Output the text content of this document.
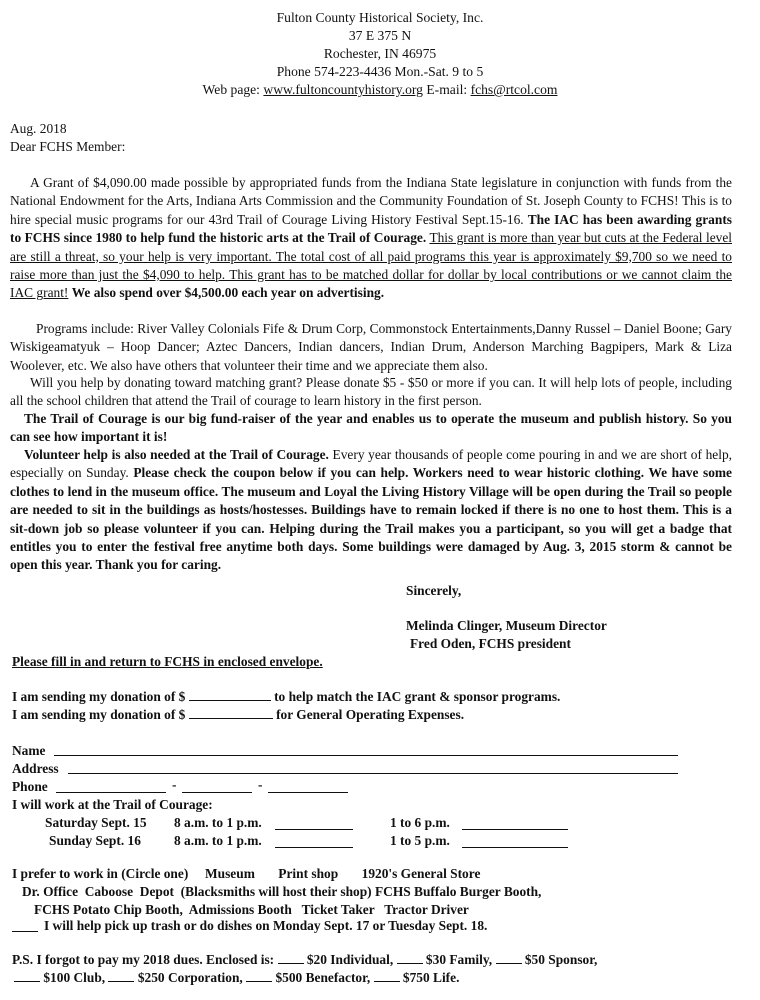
Fulton County Historical Society, Inc.
37 E 375 N
Rochester, IN 46975
Phone 574-223-4436 Mon.-Sat. 9 to 5
Web page: www.fultoncountyhistory.org E-mail: fchs@rtcol.com
Aug. 2018
Dear FCHS Member:
A Grant of $4,090.00 made possible by appropriated funds from the Indiana State legislature in conjunction with funds from the National Endowment for the Arts, Indiana Arts Commission and the Community Foundation of St. Joseph County to FCHS! This is to hire special music programs for our 43rd Trail of Courage Living History Festival Sept.15-16. The IAC has been awarding grants to FCHS since 1980 to help fund the historic arts at the Trail of Courage. This grant is more than year but cuts at the Federal level are still a threat, so your help is very important. The total cost of all paid programs this year is approximately $9,700 so we need to raise more than just the $4,090 to help. This grant has to be matched dollar for dollar by local contributions or we cannot claim the IAC grant! We also spend over $4,500.00 each year on advertising.
Programs include: River Valley Colonials Fife & Drum Corp, Commonstock Entertainments,Danny Russel – Daniel Boone; Gary Wiskigeamatyuk – Hoop Dancer; Aztec Dancers, Indian dancers, Indian Drum, Anderson Marching Bagpipers, Mark & Liza Woolever, etc. We also have others that volunteer their time and we appreciate them also.
Will you help by donating toward matching grant? Please donate $5 - $50 or more if you can. It will help lots of people, including all the school children that attend the Trail of courage to learn history in the first person.
The Trail of Courage is our big fund-raiser of the year and enables us to operate the museum and publish history. So you can see how important it is!
Volunteer help is also needed at the Trail of Courage. Every year thousands of people come pouring in and we are short of help, especially on Sunday. Please check the coupon below if you can help. Workers need to wear historic clothing. We have some clothes to lend in the museum office. The museum and Loyal the Living History Village will be open during the Trail so people are needed to sit in the buildings as hosts/hostesses. Buildings have to remain locked if there is no one to host them. This is a sit-down job so please volunteer if you can. Helping during the Trail makes you a participant, so you will get a badge that entitles you to enter the festival free anytime both days. Some buildings were damaged by Aug. 3, 2015 storm & cannot be open this year. Thank you for caring.
Sincerely,
Melinda Clinger, Museum Director
Fred Oden, FCHS president
Please fill in and return to FCHS in enclosed envelope.
I am sending my donation of $	to help match the IAC grant & sponsor programs.
I am sending my donation of $	for General Operating Expenses.
Name
Address
Phone	-	-
I will work at the Trail of Courage:
Saturday Sept. 15 8 a.m. to 1 p.m.	1 to 6 p.m.
Sunday Sept. 16 8 a.m. to 1 p.m.	1 to 5 p.m.
I prefer to work in (Circle one)     Museum       Print shop       1920's General Store
Dr. Office  Caboose  Depot  (Blacksmiths will host their shop) FCHS Buffalo Burger Booth,
FCHS Potato Chip Booth,  Admissions Booth   Ticket Taker   Tractor Driver
I will help pick up trash or do dishes on Monday Sept. 17 or Tuesday Sept. 18.
P.S. I forgot to pay my 2018 dues. Enclosed is: $20 Individual, $30 Family, $50 Sponsor,
$100 Club, $250 Corporation, $500 Benefactor, $750 Life.
